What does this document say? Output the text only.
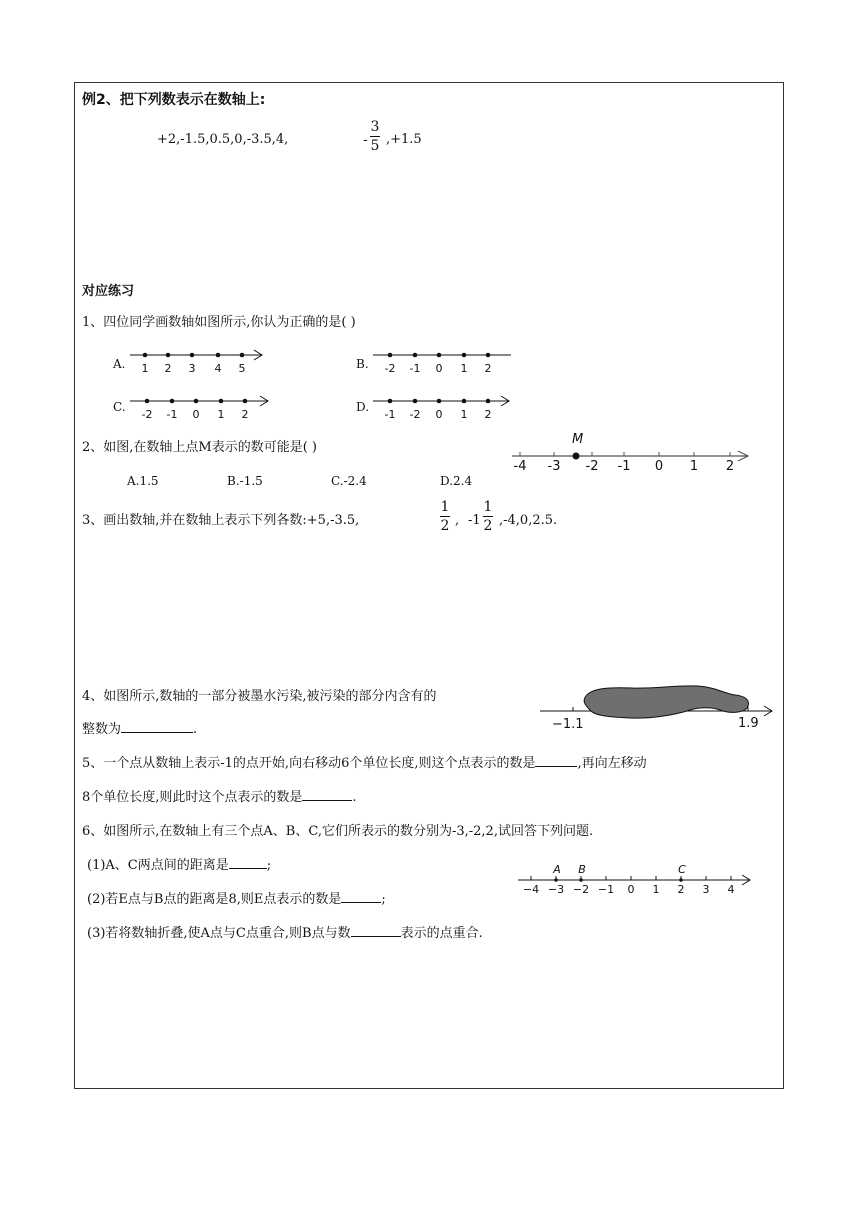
例2、把下列数表示在数轴上:
+2,-1.5,0.5,0,-3.5,4,	-
3
5 ,+1.5
对应练习
1、四位同学画数轴如图所示,你认为正确的是( )
A. 1 2 3 4 5	B. -2 -1 0 1 2
C.
-2 -1 0 1 2
D.
-1 -2 0 1 2
2、如图,在数轴上点M表示的数可能是( )
A.1.5	B.-1.5	C.-2.4	D.2.4
-4 -3 -2 -1 0 1 2
M
3、画出数轴,并在数轴上表示下列各数:+5,-3.5,
1
2 , -1
1
2 ,-4,0,2.5.
4、如图所示,数轴的一部分被墨水污染,被污染的部分内含有的
整数为	.	−1.1	1.9
5、一个点从数轴上表示-1的点开始,向右移动6个单位长度,则这个点表示的数是	,再向左移动
8个单位长度,则此时这个点表示的数是	.
6、如图所示,在数轴上有三个点A、B、C,它们所表示的数分别为-3,-2,2,试回答下列问题.
(1)A、C两点间的距离是	;
(2)若E点与B点的距离是8,则E点表示的数是	;
(3)若将数轴折叠,使A点与C点重合,则B点与数	表示的点重合.
−4 −3 −2 −1 0 1 2 3 4
A B	C
